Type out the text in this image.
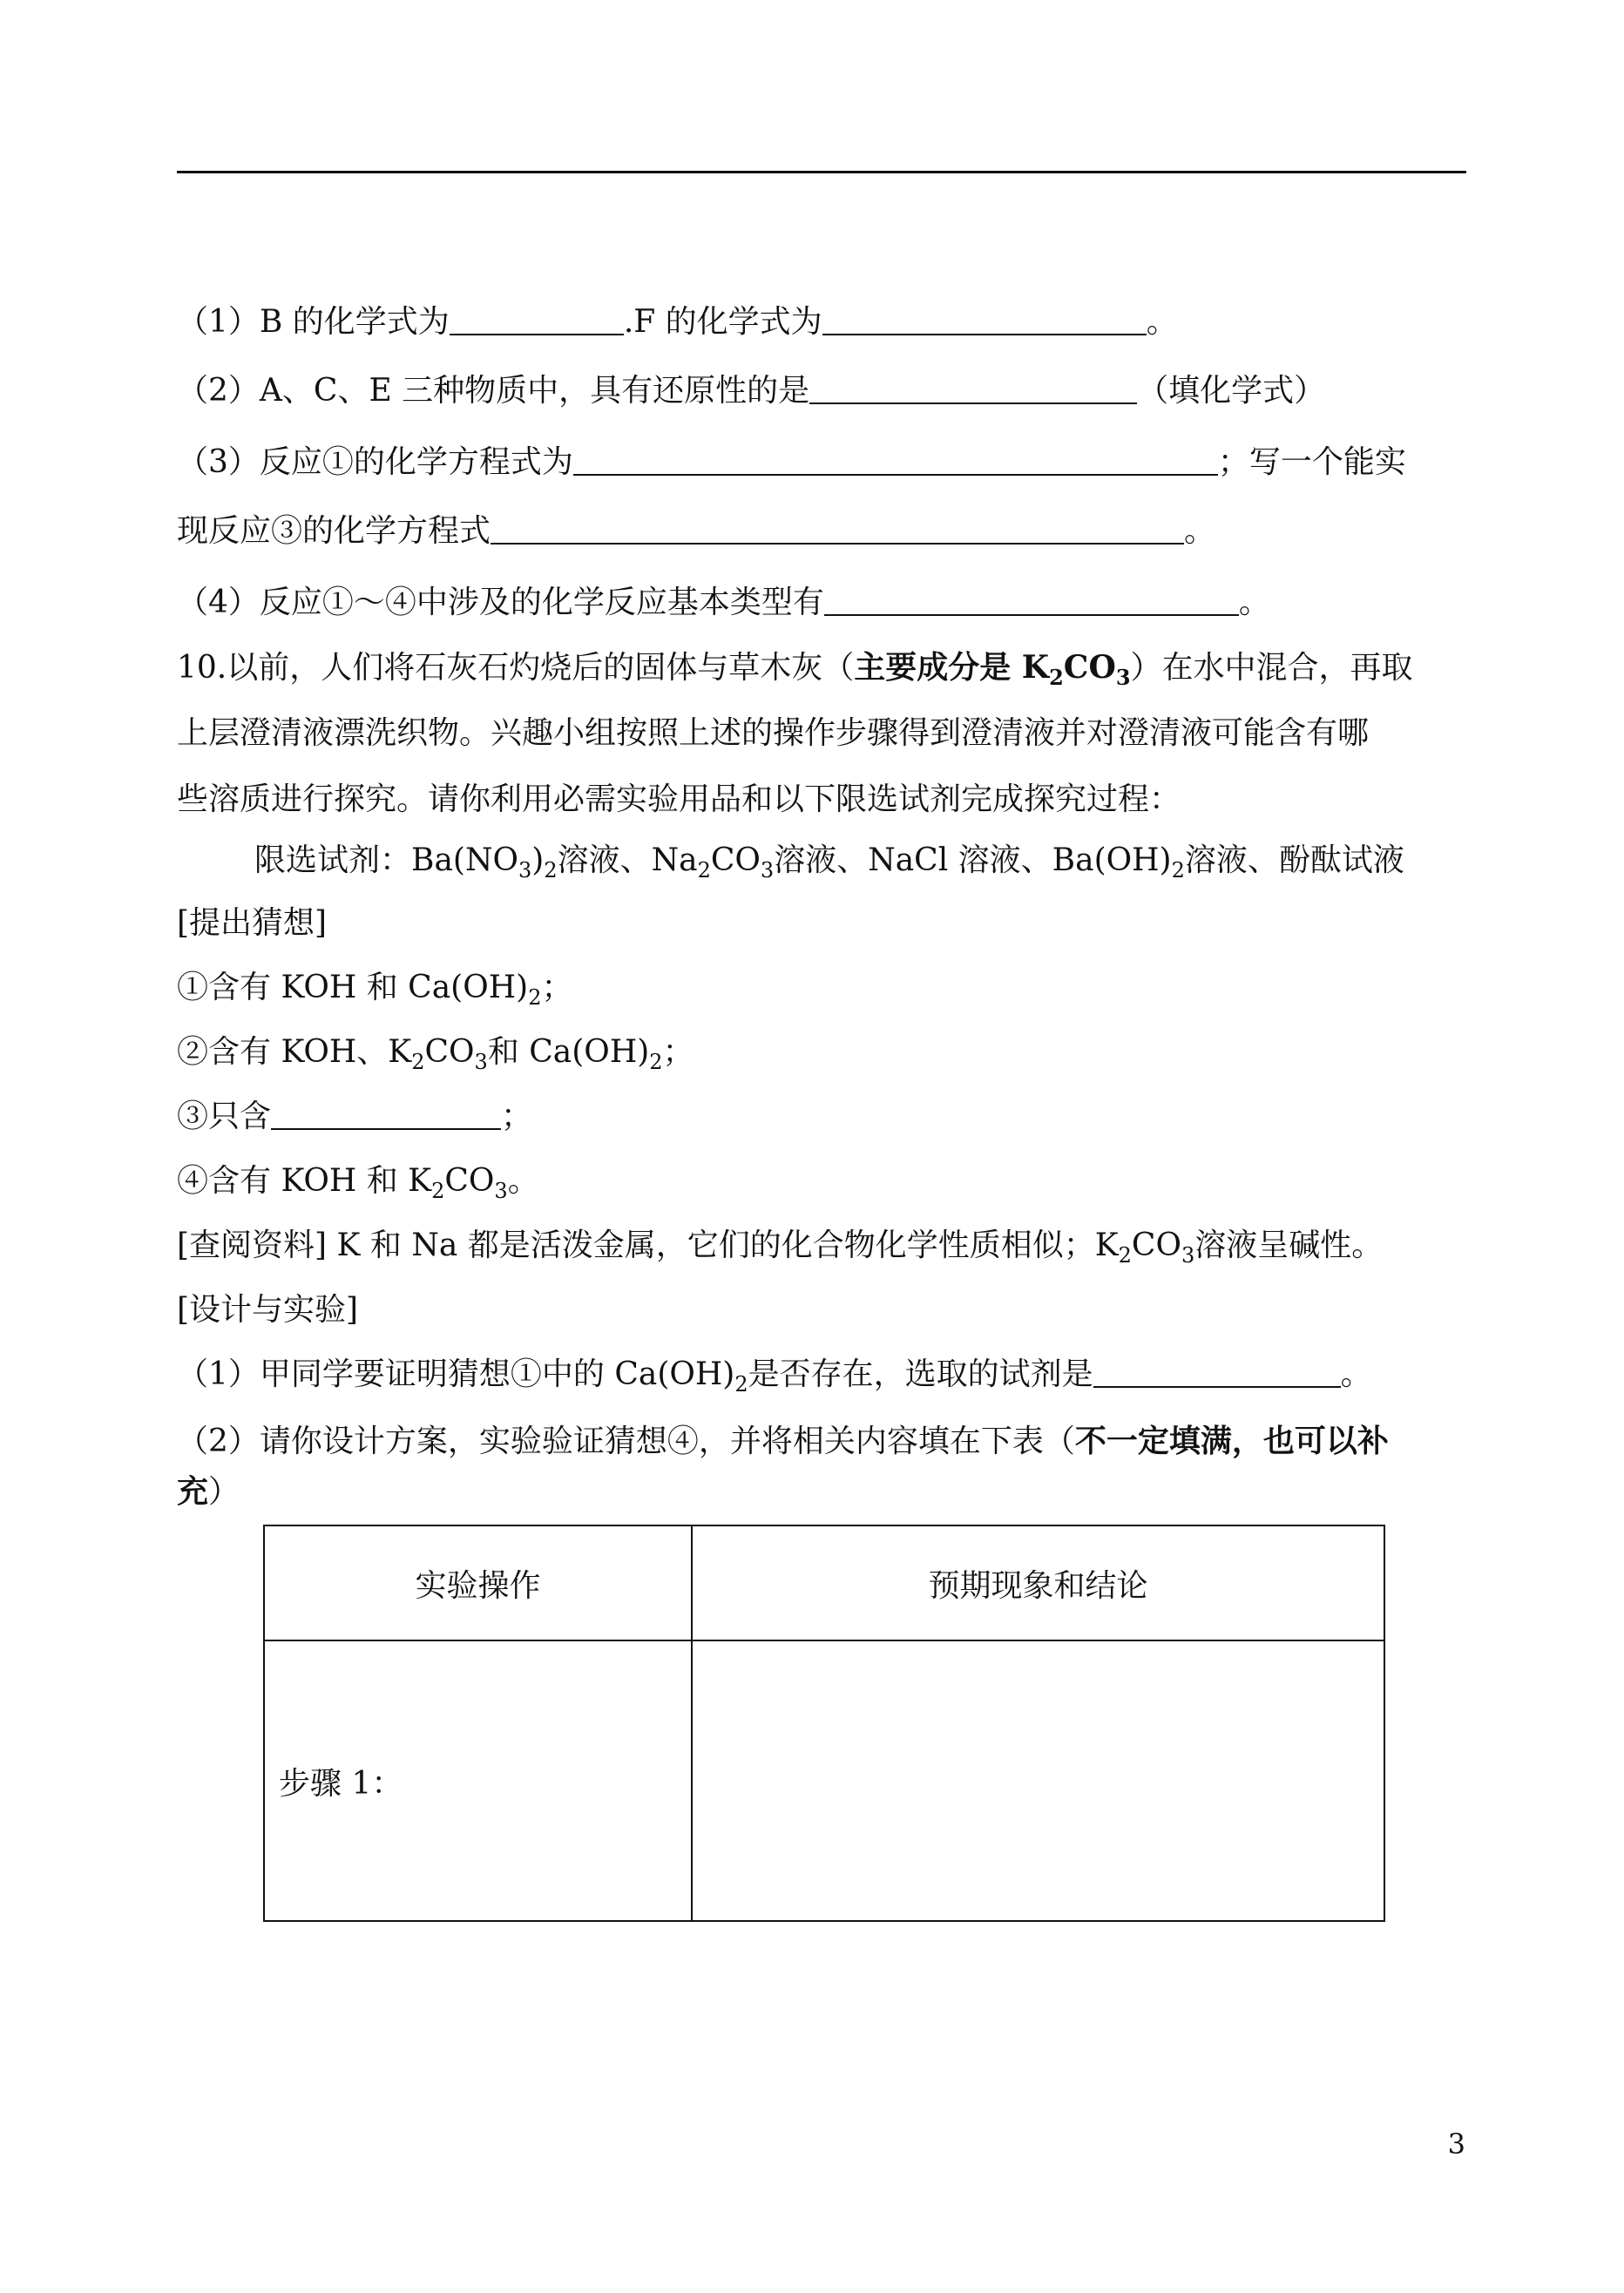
（1）B 的化学式为	.F 的化学式为	。
（2）A、C、E 三种物质中，具有还原性的是	（填化学式）
（3）反应①的化学方程式为	；写一个能实
现反应③的化学方程式	。
（4）反应①～④中涉及的化学反应基本类型有	。
10.以前，人们将石灰石灼烧后的固体与草木灰（主要成分是 $K_2CO_3$）在水中混合，再取
上层澄清液漂洗织物。兴趣小组按照上述的操作步骤得到澄清液并对澄清液可能含有哪
些溶质进行探究。请你利用必需实验用品和以下限选试剂完成探究过程：
限选试剂：$Ba(NO_3)_2$溶液、$Na_2CO_3$溶液、NaCl 溶液、$Ba(OH)_2$溶液、酚酞试液
[提出猜想]
①含有 KOH 和 $Ca(OH)_2$；
②含有 KOH、$K_2CO_3$和 $Ca(OH)_2$；
③只含	；
④含有 KOH 和 $K_2CO_3$。
[查阅资料] K 和 Na 都是活泼金属，它们的化合物化学性质相似；$K_2CO_3$溶液呈碱性。
[设计与实验]
（1）甲同学要证明猜想①中的 $Ca(OH)_2$是否存在，选取的试剂是	。
（2）请你设计方案，实验验证猜想④，并将相关内容填在下表（不一定填满，也可以补
充）
实验操作	预期现象和结论
步骤 1：	
3
